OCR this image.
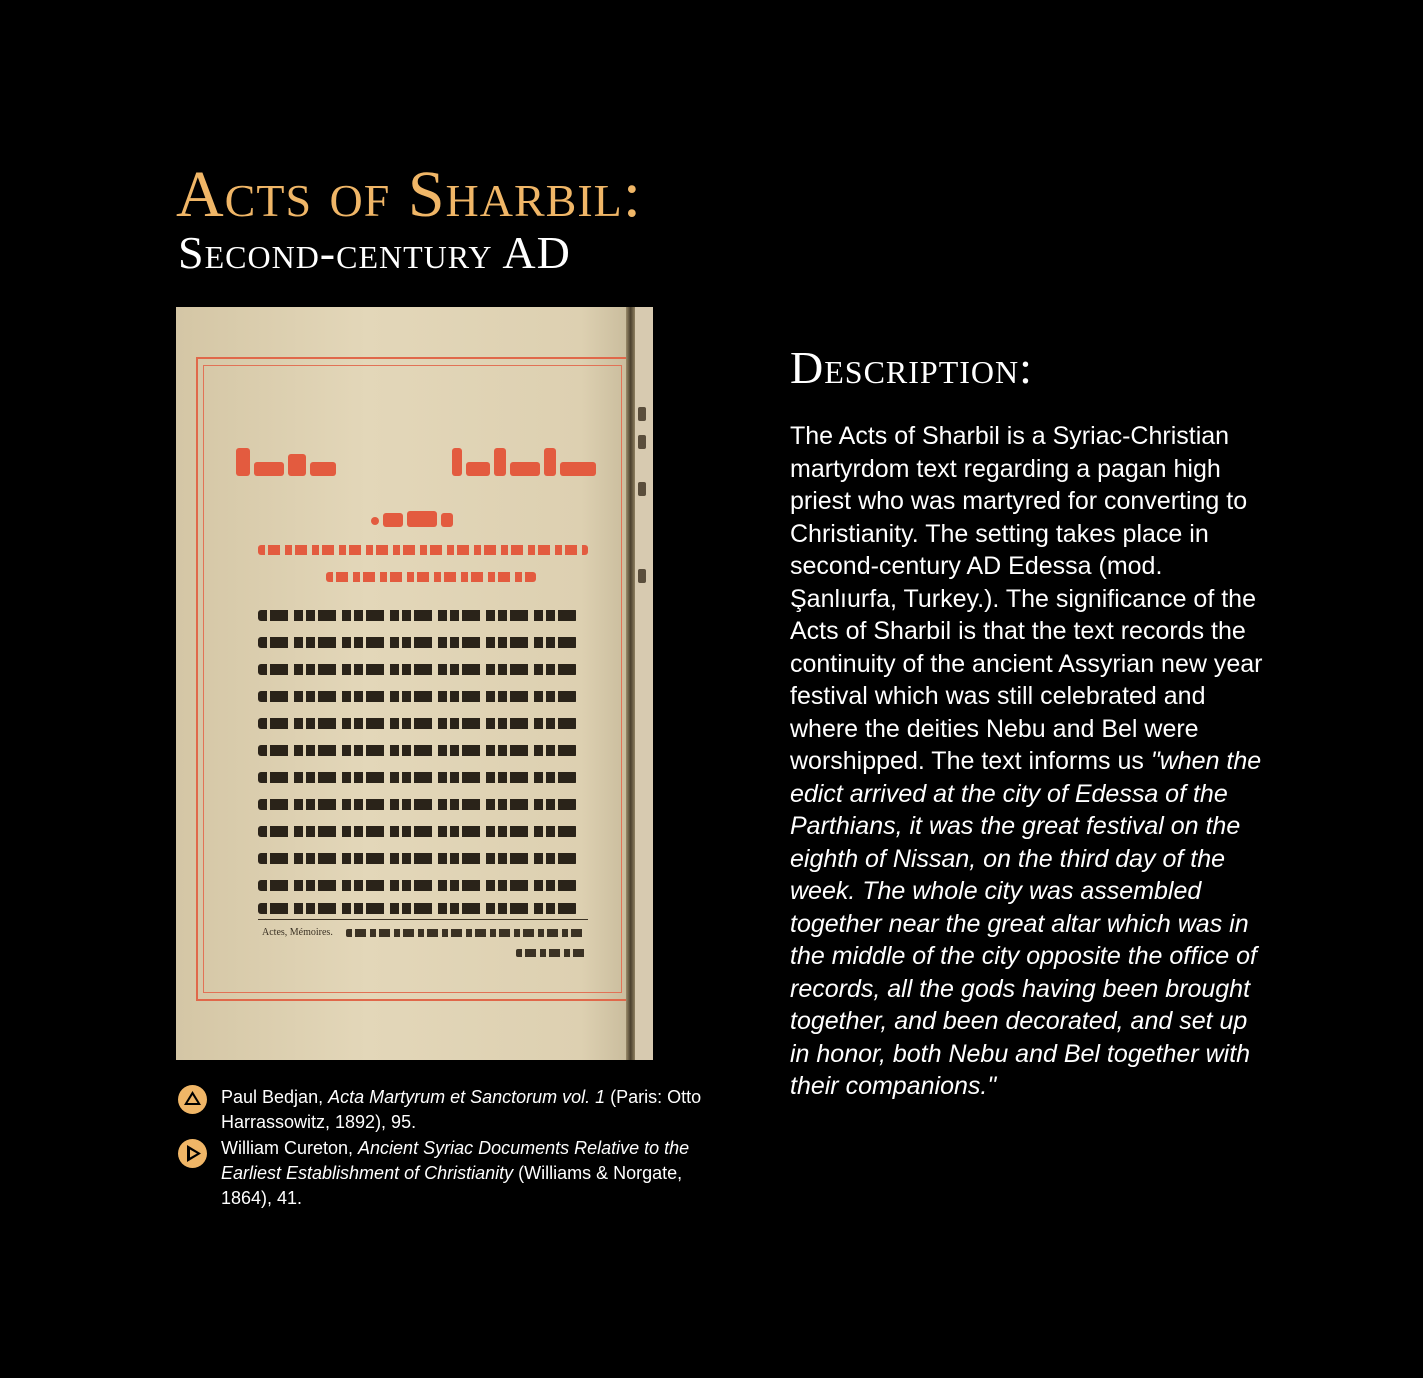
Acts of Sharbil:
Second-century AD
Actes, Mémoires.
Paul Bedjan, Acta Martyrum et Sanctorum vol. 1 (Paris: Otto Harrassowitz, 1892), 95.
William Cureton, Ancient Syriac Documents Relative to the Earliest Establishment of Christianity (Williams & Norgate, 1864), 41.
Description:
The Acts of Sharbil is a Syriac-Christian martyrdom text regarding a pagan high priest who was martyred for converting to Christianity. The setting takes place in second-century AD Edessa (mod. Şanlıurfa, Turkey.). The significance of the Acts of Sharbil is that the text records the continuity of the ancient Assyrian new year festival which was still celebrated and where the deities Nebu and Bel were worshipped. The text informs us "when the edict arrived at the city of Edessa of the Parthians, it was the great festival on the eighth of Nissan, on the third day of the week. The whole city was assembled together near the great altar which was in the middle of the city opposite the office of records, all the gods having been brought together, and been decorated, and set up in honor, both Nebu and Bel together with their companions."
